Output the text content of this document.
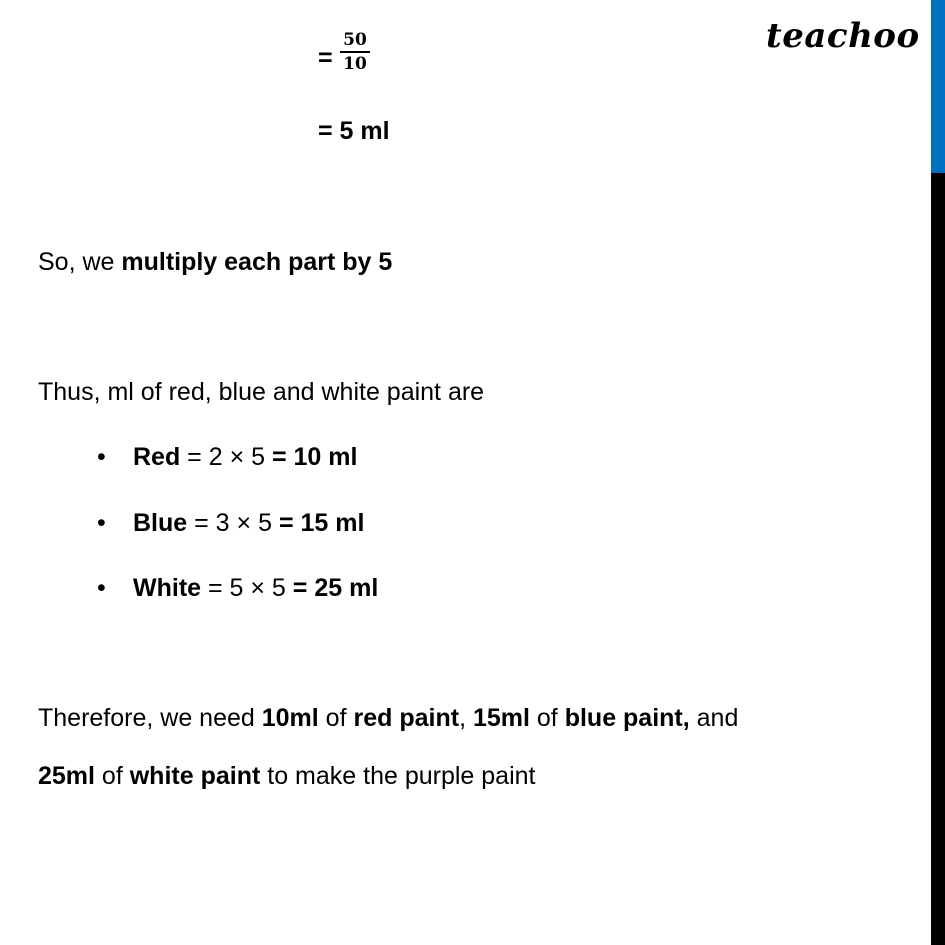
teachoo
=
50
10
= 5 ml
So, we multiply each part by 5
Thus, ml of red, blue and white paint are
• Red = 2 × 5 = 10 ml
• Blue = 3 × 5 = 15 ml
• White = 5 × 5 = 25 ml
Therefore, we need 10ml of red paint, 15ml of blue paint, and
25ml of white paint to make the purple paint
